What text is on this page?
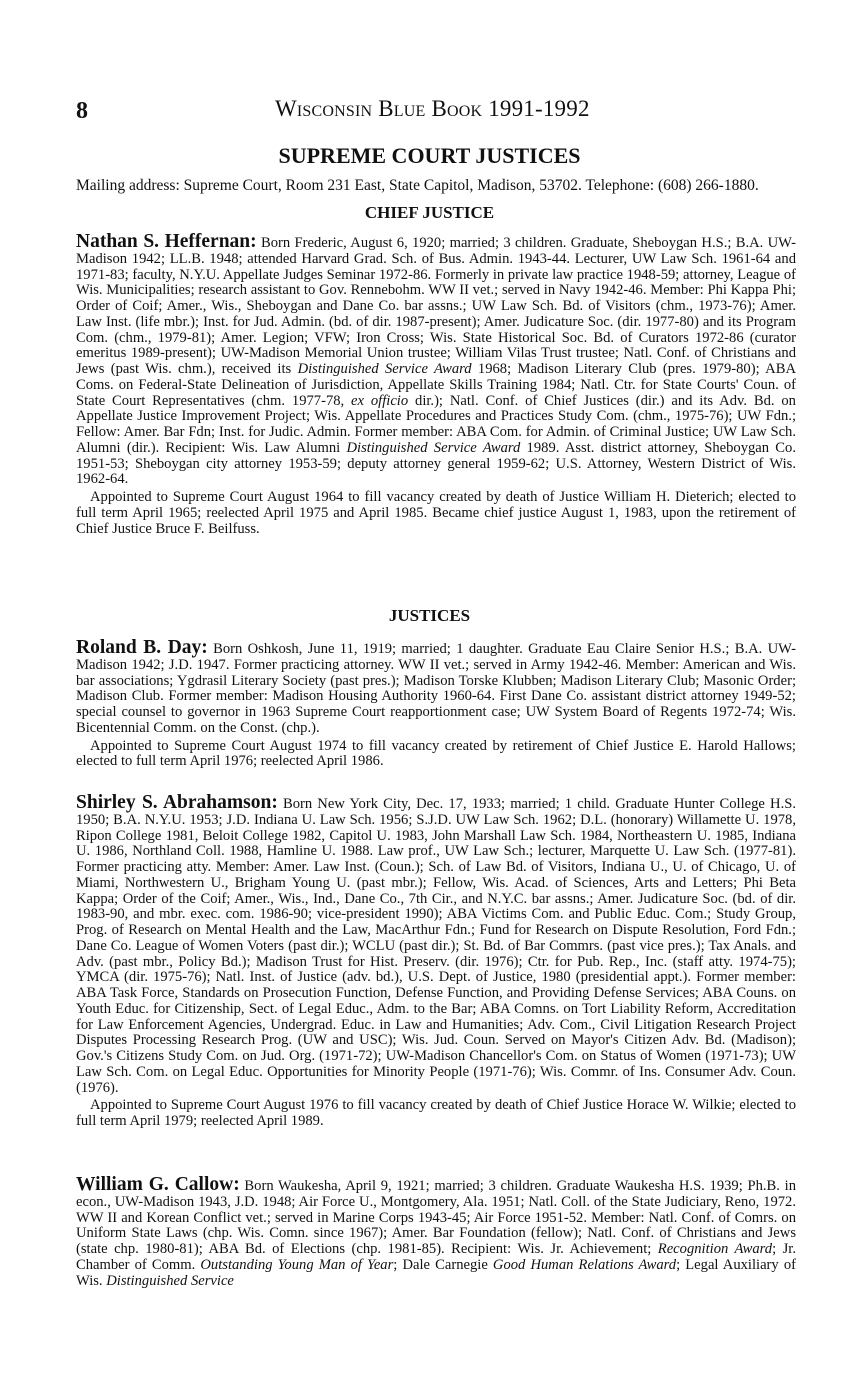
8	Wisconsin Blue Book 1991-1992
SUPREME COURT JUSTICES
Mailing address: Supreme Court, Room 231 East, State Capitol, Madison, 53702. Telephone: (608) 266-1880.
CHIEF JUSTICE

Nathan S. Heffernan: Born Frederic, August 6, 1920; married; 3 children. Graduate, Sheboygan H.S.; B.A. UW-Madison 1942; LL.B. 1948; attended Harvard Grad. Sch. of Bus. Admin. 1943-44. Lecturer, UW Law Sch. 1961-64 and 1971-83; faculty, N.Y.U. Appellate Judges Seminar 1972-86. Formerly in private law practice 1948-59; attorney, League of Wis. Municipalities; research assistant to Gov. Rennebohm. WW II vet.; served in Navy 1942-46. Member: Phi Kappa Phi; Order of Coif; Amer., Wis., Sheboygan and Dane Co. bar assns.; UW Law Sch. Bd. of Visitors (chm., 1973-76); Amer. Law Inst. (life mbr.); Inst. for Jud. Admin. (bd. of dir. 1987-present); Amer. Judicature Soc. (dir. 1977-80) and its Program Com. (chm., 1979-81); Amer. Legion; VFW; Iron Cross; Wis. State Historical Soc. Bd. of Curators 1972-86 (curator emeritus 1989-present); UW-Madison Memorial Union trustee; William Vilas Trust trustee; Natl. Conf. of Christians and Jews (past Wis. chm.), received its Distinguished Service Award 1968; Madison Literary Club (pres. 1979-80); ABA Coms. on Federal-State Delineation of Jurisdiction, Appellate Skills Training 1984; Natl. Ctr. for State Courts' Coun. of State Court Representatives (chm. 1977-78, ex officio dir.); Natl. Conf. of Chief Justices (dir.) and its Adv. Bd. on Appellate Justice Improvement Project; Wis. Appellate Procedures and Practices Study Com. (chm., 1975-76); UW Fdn.; Fellow: Amer. Bar Fdn; Inst. for Judic. Admin. Former member: ABA Com. for Admin. of Criminal Justice; UW Law Sch. Alumni (dir.). Recipient: Wis. Law Alumni Distinguished Service Award 1989. Asst. district attorney, Sheboygan Co. 1951-53; Sheboygan city attorney 1953-59; deputy attorney general 1959-62; U.S. Attorney, Western District of Wis. 1962-64.

Appointed to Supreme Court August 1964 to fill vacancy created by death of Justice William H. Dieterich; elected to full term April 1965; reelected April 1975 and April 1985. Became chief justice August 1, 1983, upon the retirement of Chief Justice Bruce F. Beilfuss.

JUSTICES

Roland B. Day: Born Oshkosh, June 11, 1919; married; 1 daughter. Graduate Eau Claire Senior H.S.; B.A. UW-Madison 1942; J.D. 1947. Former practicing attorney. WW II vet.; served in Army 1942-46. Member: American and Wis. bar associations; Ygdrasil Literary Society (past pres.); Madison Torske Klubben; Madison Literary Club; Masonic Order; Madison Club. Former member: Madison Housing Authority 1960-64. First Dane Co. assistant district attorney 1949-52; special counsel to governor in 1963 Supreme Court reapportionment case; UW System Board of Regents 1972-74; Wis. Bicentennial Comm. on the Const. (chp.).

Appointed to Supreme Court August 1974 to fill vacancy created by retirement of Chief Justice E. Harold Hallows; elected to full term April 1976; reelected April 1986.

Shirley S. Abrahamson: Born New York City, Dec. 17, 1933; married; 1 child. Graduate Hunter College H.S. 1950; B.A. N.Y.U. 1953; J.D. Indiana U. Law Sch. 1956; S.J.D. UW Law Sch. 1962; D.L. (honorary) Willamette U. 1978, Ripon College 1981, Beloit College 1982, Capitol U. 1983, John Marshall Law Sch. 1984, Northeastern U. 1985, Indiana U. 1986, Northland Coll. 1988, Hamline U. 1988. Law prof., UW Law Sch.; lecturer, Marquette U. Law Sch. (1977-81). Former practicing atty. Member: Amer. Law Inst. (Coun.); Sch. of Law Bd. of Visitors, Indiana U., U. of Chicago, U. of Miami, Northwestern U., Brigham Young U. (past mbr.); Fellow, Wis. Acad. of Sciences, Arts and Letters; Phi Beta Kappa; Order of the Coif; Amer., Wis., Ind., Dane Co., 7th Cir., and N.Y.C. bar assns.; Amer. Judicature Soc. (bd. of dir. 1983-90, and mbr. exec. com. 1986-90; vice-president 1990); ABA Victims Com. and Public Educ. Com.; Study Group, Prog. of Research on Mental Health and the Law, MacArthur Fdn.; Fund for Research on Dispute Resolution, Ford Fdn.; Dane Co. League of Women Voters (past dir.); WCLU (past dir.); St. Bd. of Bar Commrs. (past vice pres.); Tax Anals. and Adv. (past mbr., Policy Bd.); Madison Trust for Hist. Preserv. (dir. 1976); Ctr. for Pub. Rep., Inc. (staff atty. 1974-75); YMCA (dir. 1975-76); Natl. Inst. of Justice (adv. bd.), U.S. Dept. of Justice, 1980 (presidential appt.). Former member: ABA Task Force, Standards on Prosecution Function, Defense Function, and Providing Defense Services; ABA Couns. on Youth Educ. for Citizenship, Sect. of Legal Educ., Adm. to the Bar; ABA Comns. on Tort Liability Reform, Accreditation for Law Enforcement Agencies, Undergrad. Educ. in Law and Humanities; Adv. Com., Civil Litigation Research Project Disputes Processing Research Prog. (UW and USC); Wis. Jud. Coun. Served on Mayor's Citizen Adv. Bd. (Madison); Gov.'s Citizens Study Com. on Jud. Org. (1971-72); UW-Madison Chancellor's Com. on Status of Women (1971-73); UW Law Sch. Com. on Legal Educ. Opportunities for Minority People (1971-76); Wis. Commr. of Ins. Consumer Adv. Coun. (1976).

Appointed to Supreme Court August 1976 to fill vacancy created by death of Chief Justice Horace W. Wilkie; elected to full term April 1979; reelected April 1989.

William G. Callow: Born Waukesha, April 9, 1921; married; 3 children. Graduate Waukesha H.S. 1939; Ph.B. in econ., UW-Madison 1943, J.D. 1948; Air Force U., Montgomery, Ala. 1951; Natl. Coll. of the State Judiciary, Reno, 1972. WW II and Korean Conflict vet.; served in Marine Corps 1943-45; Air Force 1951-52. Member: Natl. Conf. of Comrs. on Uniform State Laws (chp. Wis. Comn. since 1967); Amer. Bar Foundation (fellow); Natl. Conf. of Christians and Jews (state chp. 1980-81); ABA Bd. of Elections (chp. 1981-85). Recipient: Wis. Jr. Achievement; Recognition Award; Jr. Chamber of Comm. Outstanding Young Man of Year; Dale Carnegie Good Human Relations Award; Legal Auxiliary of Wis. Distinguished Service
